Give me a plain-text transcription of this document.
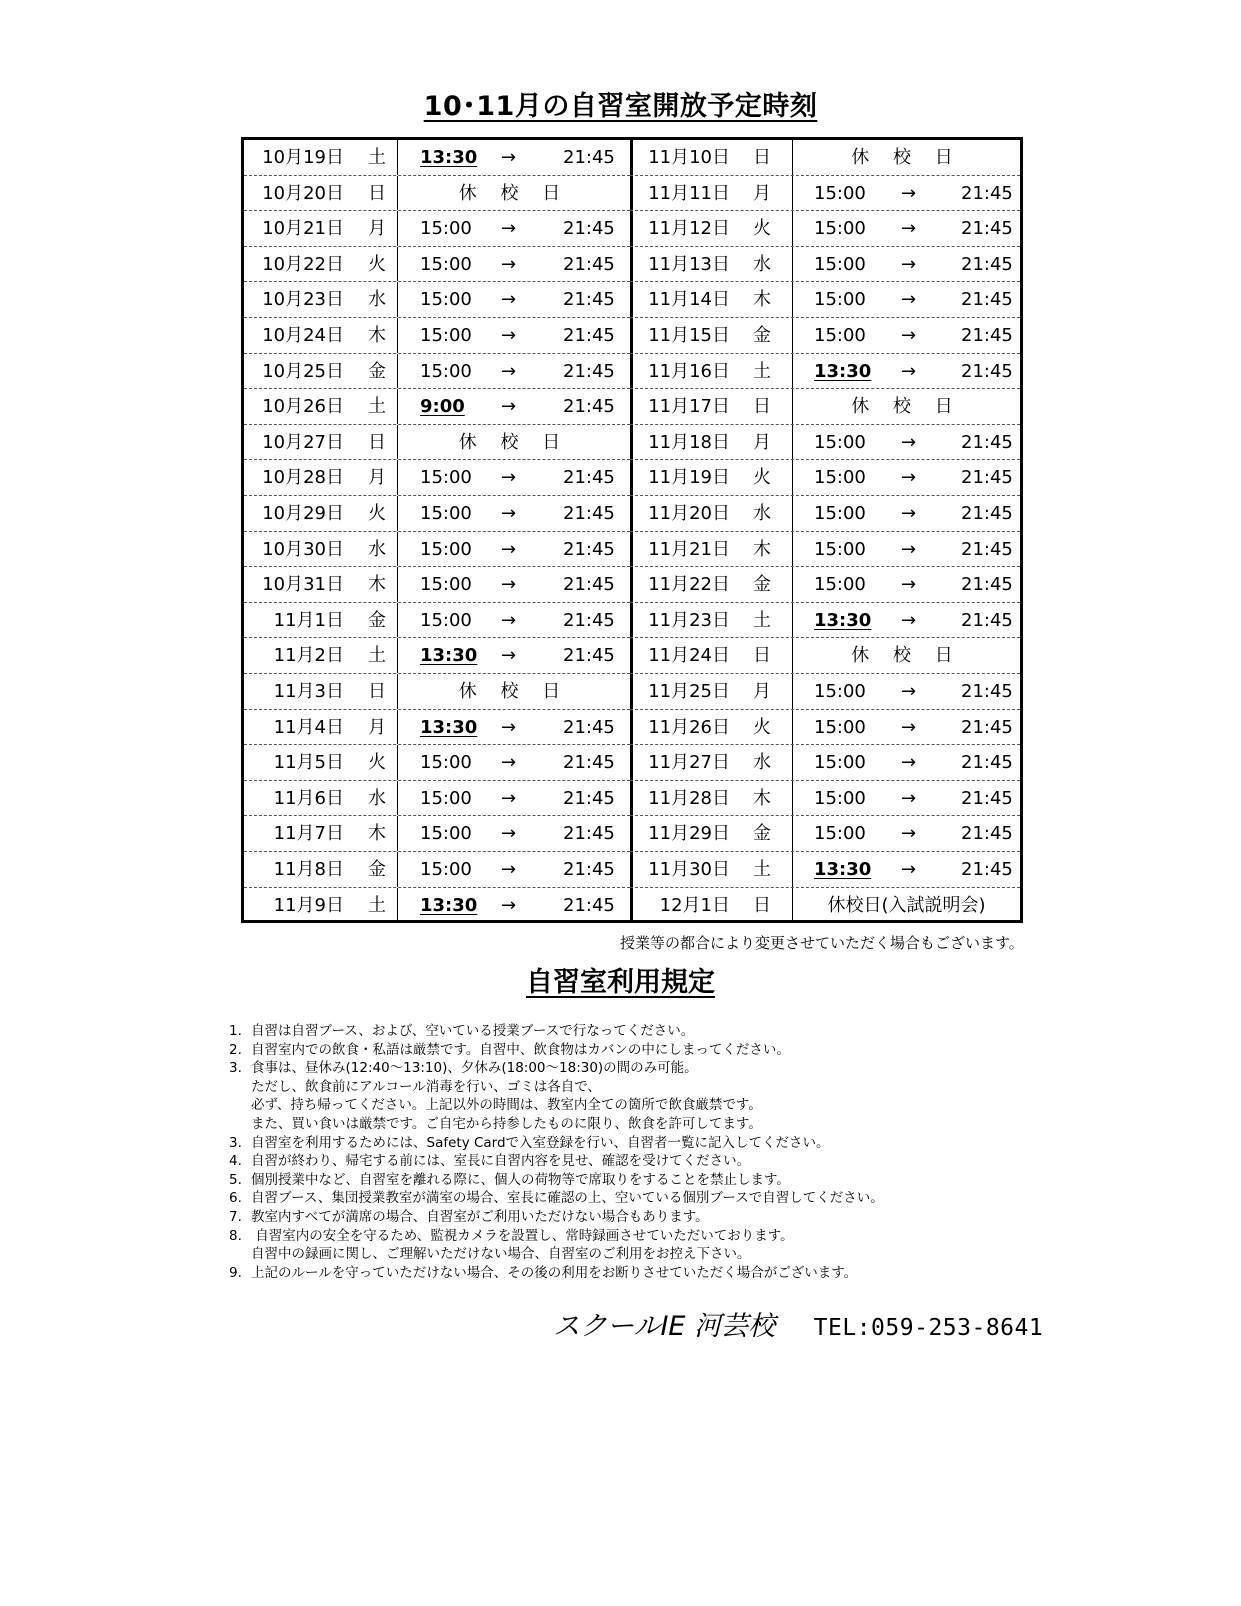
10･11月の自習室開放予定時刻
10月19日	土	13:30 →	21:45
10月20日	日	休 校 日
10月21日	月	15:00 →	21:45
10月22日	火	15:00 →	21:45
10月23日	水	15:00 →	21:45
10月24日	木	15:00 →	21:45
10月25日	金	15:00 →	21:45
10月26日	土	9:00 →	21:45
10月27日	日	休 校 日
10月28日	月	15:00 →	21:45
10月29日	火	15:00 →	21:45
10月30日	水	15:00 →	21:45
10月31日	木	15:00 →	21:45
11月1日	金	15:00 →	21:45
11月2日	土	13:30 →	21:45
11月3日	日	休 校 日
11月4日	月	13:30 →	21:45
11月5日	火	15:00 →	21:45
11月6日	水	15:00 →	21:45
11月7日	木	15:00 →	21:45
11月8日	金	15:00 →	21:45
11月9日	土	13:30 →	21:45
11月10日	日	休 校 日
11月11日	月	15:00 → 21:45
11月12日	火	15:00 → 21:45
11月13日	水	15:00 → 21:45
11月14日	木	15:00 → 21:45
11月15日	金	15:00 → 21:45
11月16日	土	13:30 → 21:45
11月17日	日	休 校 日
11月18日	月	15:00 → 21:45
11月19日	火	15:00 → 21:45
11月20日	水	15:00 → 21:45
11月21日	木	15:00 → 21:45
11月22日	金	15:00 → 21:45
11月23日	土	13:30 → 21:45
11月24日	日	休 校 日
11月25日	月	15:00 → 21:45
11月26日	火	15:00 → 21:45
11月27日	水	15:00 → 21:45
11月28日	木	15:00 → 21:45
11月29日	金	15:00 → 21:45
11月30日	土	13:30 → 21:45
12月1日	日	休校日(入試説明会)
授業等の都合により変更させていただく場合もございます。
自習室利用規定
1. 自習は自習ブース、および、空いている授業ブースで行なってください。
2. 自習室内での飲食・私語は厳禁です。自習中、飲食物はカバンの中にしまってください。
3. 食事は、昼休み(12:40～13:10)、夕休み(18:00～18:30)の間のみ可能。
ただし、飲食前にアルコール消毒を行い、ゴミは各自で、
必ず、持ち帰ってください。上記以外の時間は、教室内全ての箇所で飲食厳禁です。
また、買い食いは厳禁です。ご自宅から持参したものに限り、飲食を許可してます。
3. 自習室を利用するためには、Safety Cardで入室登録を行い、自習者一覧に記入してください。
4. 自習が終わり、帰宅する前には、室長に自習内容を見せ、確認を受けてください。
5. 個別授業中など、自習室を離れる際に、個人の荷物等で席取りをすることを禁止します。
6. 自習ブース、集団授業教室が満室の場合、室長に確認の上、空いている個別ブースで自習してください。
7. 教室内すべてが満席の場合、自習室がご利用いただけない場合もあります。
8. 自習室内の安全を守るため、監視カメラを設置し、常時録画させていただいております。
自習中の録画に関し、ご理解いただけない場合、自習室のご利用をお控え下さい。
9. 上記のルールを守っていただけない場合、その後の利用をお断りさせていただく場合がございます。
スクールIE 河芸校 TEL:059-253-8641
